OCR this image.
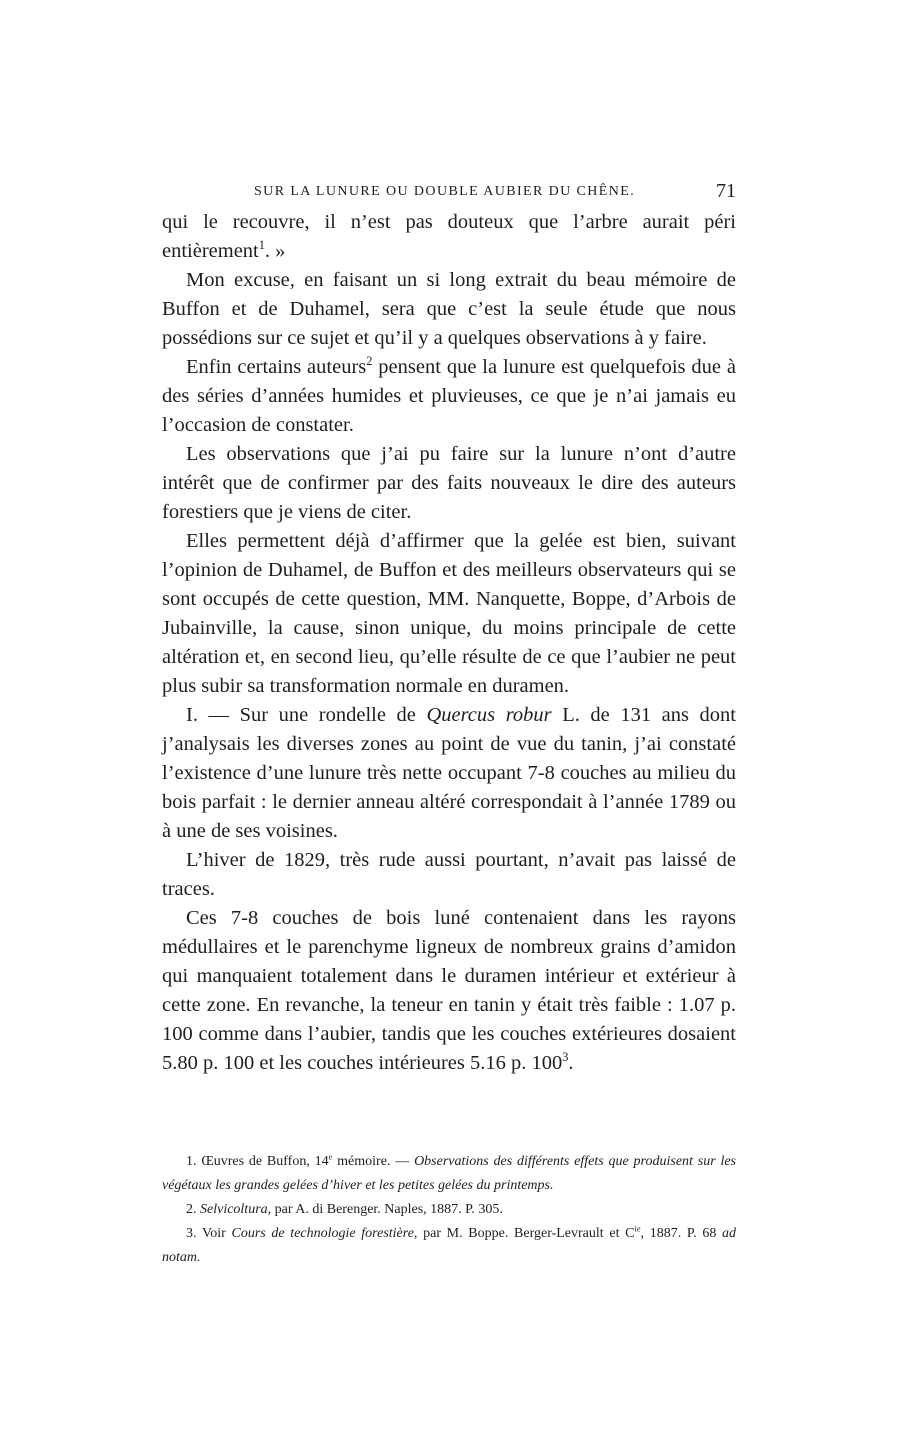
SUR LA LUNURE OU DOUBLE AUBIER DU CHÊNE.	71

qui le recouvre, il n’est pas douteux que l’arbre aurait péri entièrement$^1$. »

Mon excuse, en faisant un si long extrait du beau mémoire de Buffon et de Duhamel, sera que c’est la seule étude que nous possédions sur ce sujet et qu’il y a quelques observations à y faire.

Enfin certains auteurs$^2$ pensent que la lunure est quelquefois due à des séries d’années humides et pluvieuses, ce que je n’ai jamais eu l’occasion de constater.

Les observations que j’ai pu faire sur la lunure n’ont d’autre intérêt que de confirmer par des faits nouveaux le dire des auteurs forestiers que je viens de citer.

Elles permettent déjà d’affirmer que la gelée est bien, suivant l’opinion de Duhamel, de Buffon et des meilleurs observateurs qui se sont occupés de cette question, MM. Nanquette, Boppe, d’Arbois de Jubainville, la cause, sinon unique, du moins principale de cette altération et, en second lieu, qu’elle résulte de ce que l’aubier ne peut plus subir sa transformation normale en duramen.

I. — Sur une rondelle de Quercus robur L. de 131 ans dont j’analysais les diverses zones au point de vue du tanin, j’ai constaté l’existence d’une lunure très nette occupant 7-8 couches au milieu du bois parfait : le dernier anneau altéré correspondait à l’année 1789 ou à une de ses voisines.

L’hiver de 1829, très rude aussi pourtant, n’avait pas laissé de traces.

Ces 7-8 couches de bois luné contenaient dans les rayons médullaires et le parenchyme ligneux de nombreux grains d’amidon qui manquaient totalement dans le duramen intérieur et extérieur à cette zone. En revanche, la teneur en tanin y était très faible : 1.07 p. 100 comme dans l’aubier, tandis que les couches extérieures dosaient 5.80 p. 100 et les couches intérieures 5.16 p. $100^3$.

1. Œuvres de Buffon, 14e mémoire. — Observations des différents effets que produisent sur les végétaux les grandes gelées d’hiver et les petites gelées du printemps.

2. Selvicoltura, par A. di Berenger. Naples, 1887. P. 305.

3. Voir Cours de technologie forestière, par M. Boppe. Berger-Levrault et $C^{ie}$, 1887. P. 68 ad notam.
